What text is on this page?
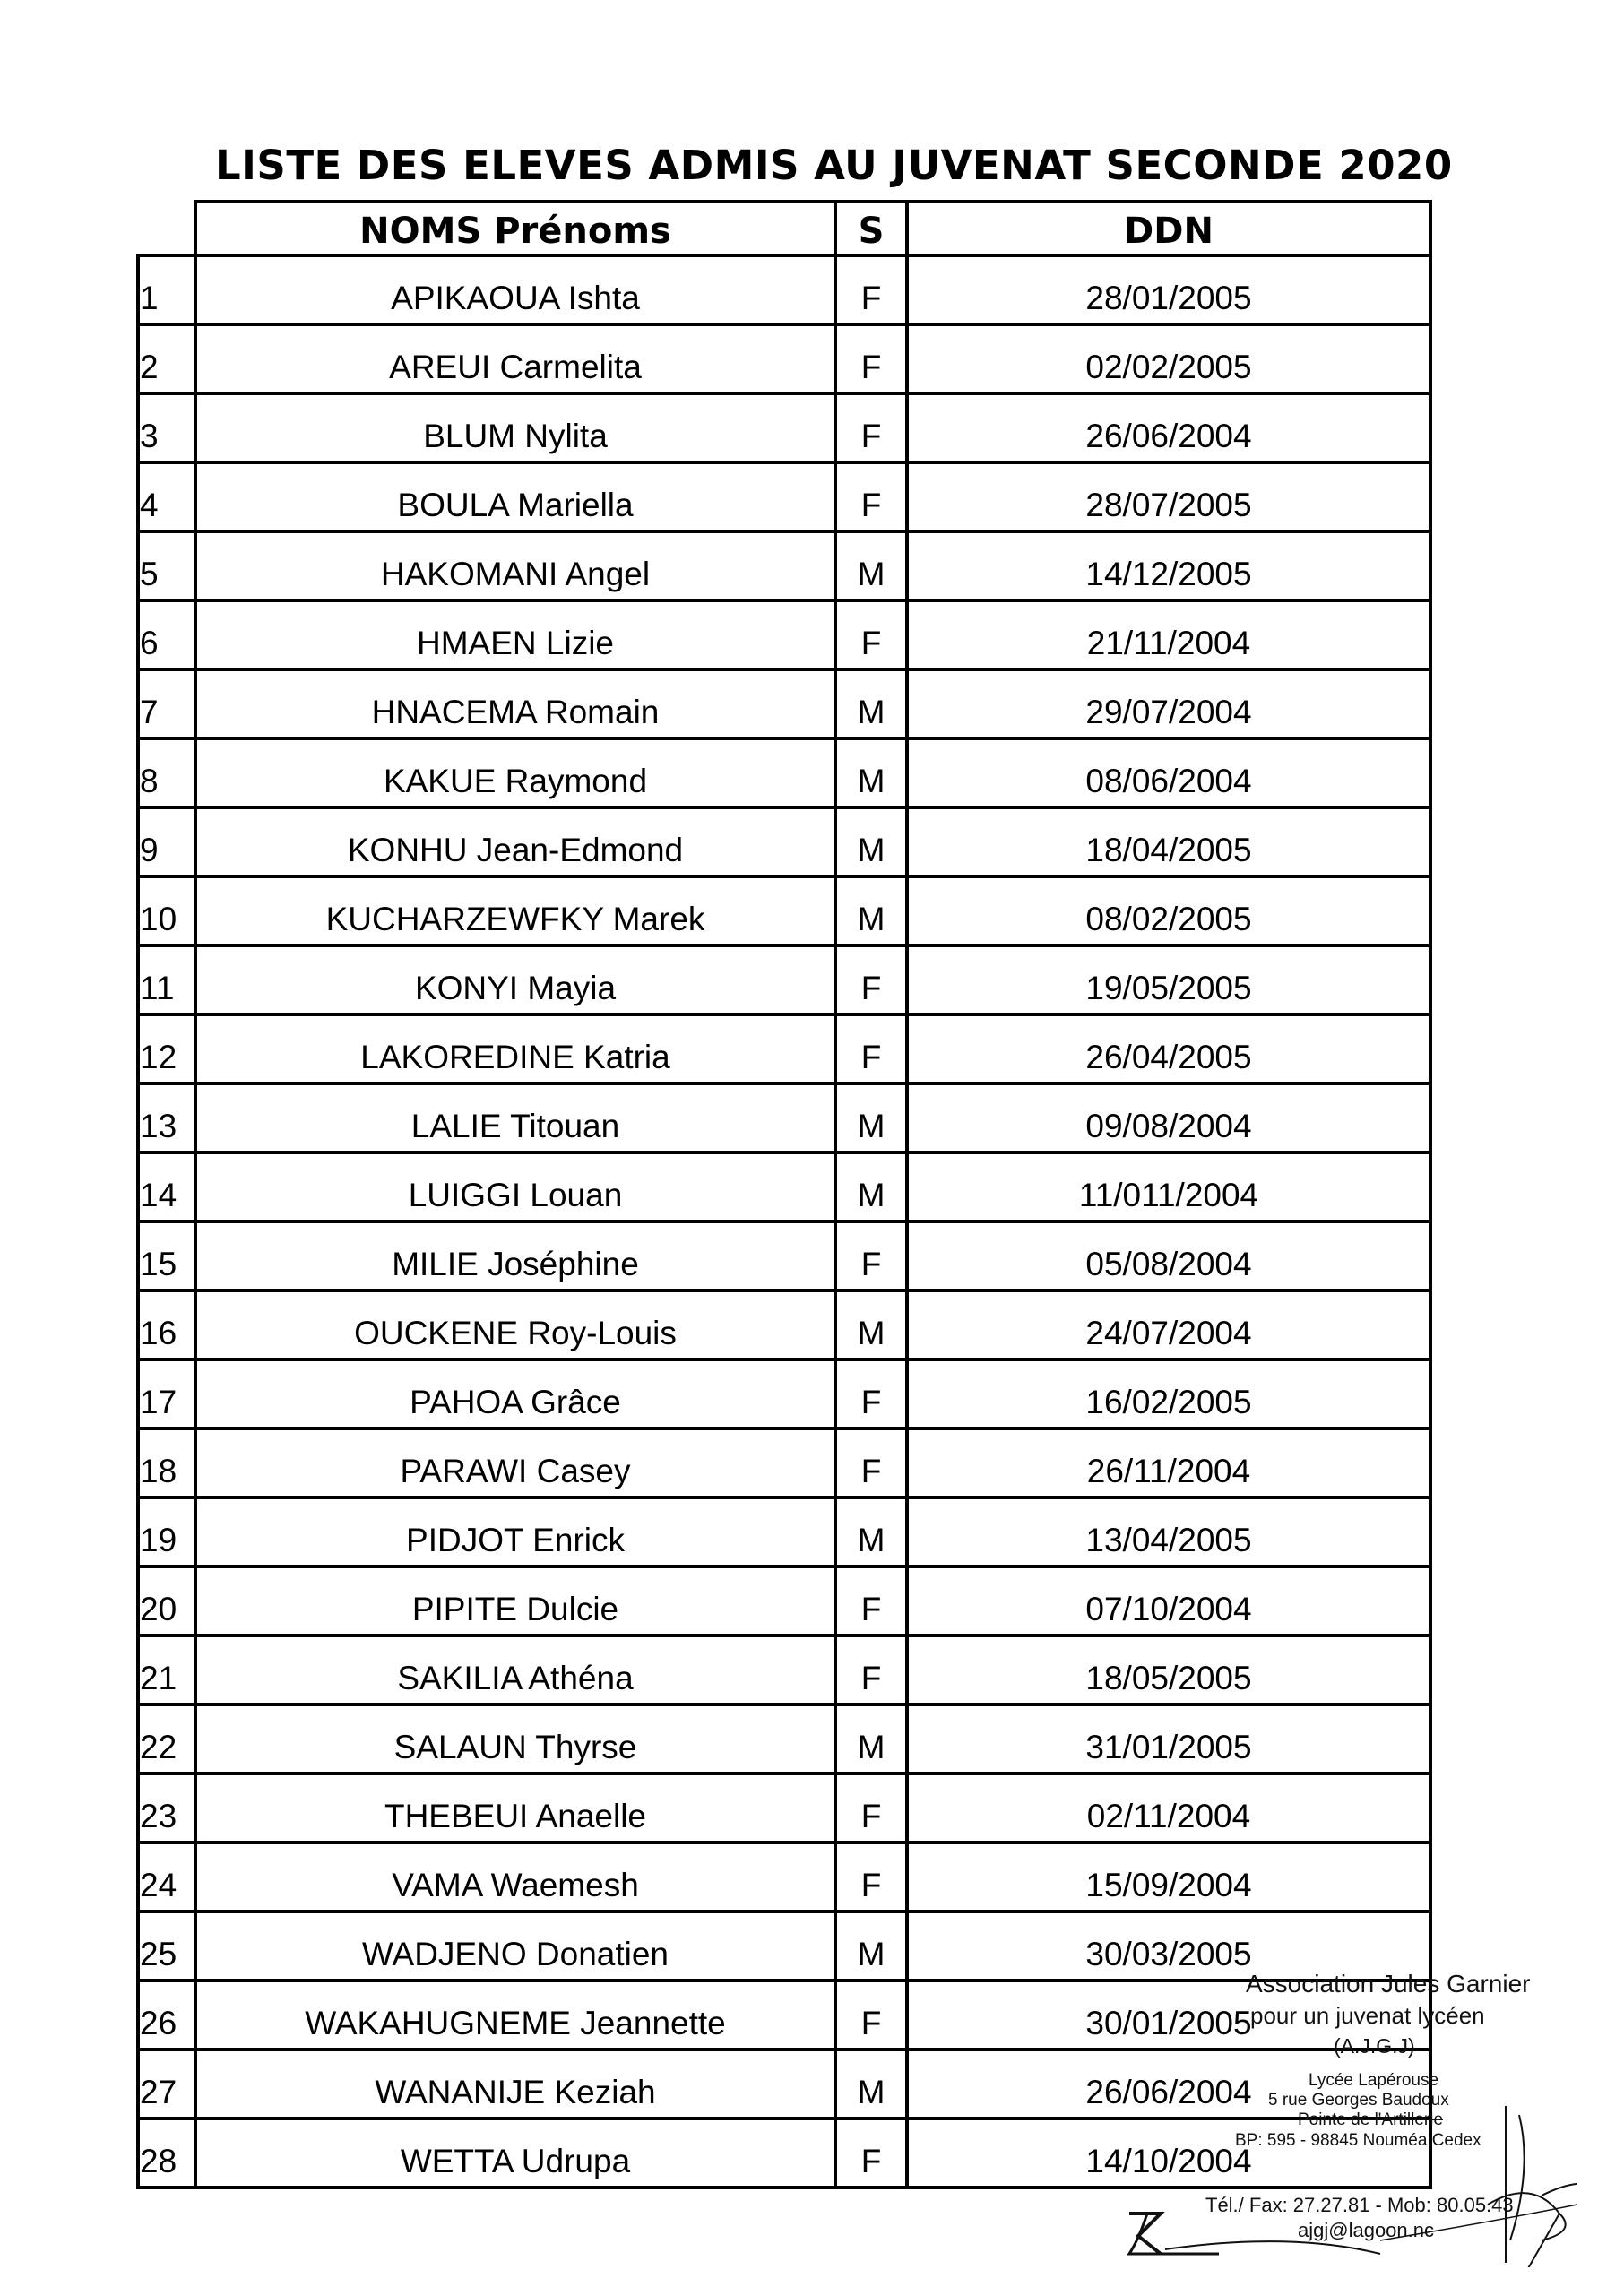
LISTE DES ELEVES ADMIS AU JUVENAT SECONDE 2020
	NOMS Prénoms	S	DDN
1	APIKAOUA Ishta	F	28/01/2005
2	AREUI Carmelita	F	02/02/2005
3	BLUM Nylita	F	26/06/2004
4	BOULA Mariella	F	28/07/2005
5	HAKOMANI Angel	M	14/12/2005
6	HMAEN Lizie	F	21/11/2004
7	HNACEMA Romain	M	29/07/2004
8	KAKUE Raymond	M	08/06/2004
9	KONHU Jean-Edmond	M	18/04/2005
10	KUCHARZEWFKY Marek	M	08/02/2005
11	KONYI Mayia	F	19/05/2005
12	LAKOREDINE Katria	F	26/04/2005
13	LALIE Titouan	M	09/08/2004
14	LUIGGI Louan	M	11/011/2004
15	MILIE Joséphine	F	05/08/2004
16	OUCKENE Roy-Louis	M	24/07/2004
17	PAHOA Grâce	F	16/02/2005
18	PARAWI Casey	F	26/11/2004
19	PIDJOT Enrick	M	13/04/2005
20	PIPITE Dulcie	F	07/10/2004
21	SAKILIA Athéna	F	18/05/2005
22	SALAUN Thyrse	M	31/01/2005
23	THEBEUI Anaelle	F	02/11/2004
24	VAMA Waemesh	F	15/09/2004
25	WADJENO Donatien	M	30/03/2005
26	WAKAHUGNEME Jeannette	F	30/01/2005
27	WANANIJE Keziah	M	26/06/2004
28	WETTA Udrupa	F	14/10/2004
Association Jules Garnier
pour un juvenat lycéen
(A.J.G.J)
Lycée Lapérouse
5 rue Georges Baudoux
Pointe de l'Artillerie
BP: 595 - 98845 Nouméa Cedex
Tél./ Fax: 27.27.81 - Mob: 80.05.43
ajgj@lagoon.nc
